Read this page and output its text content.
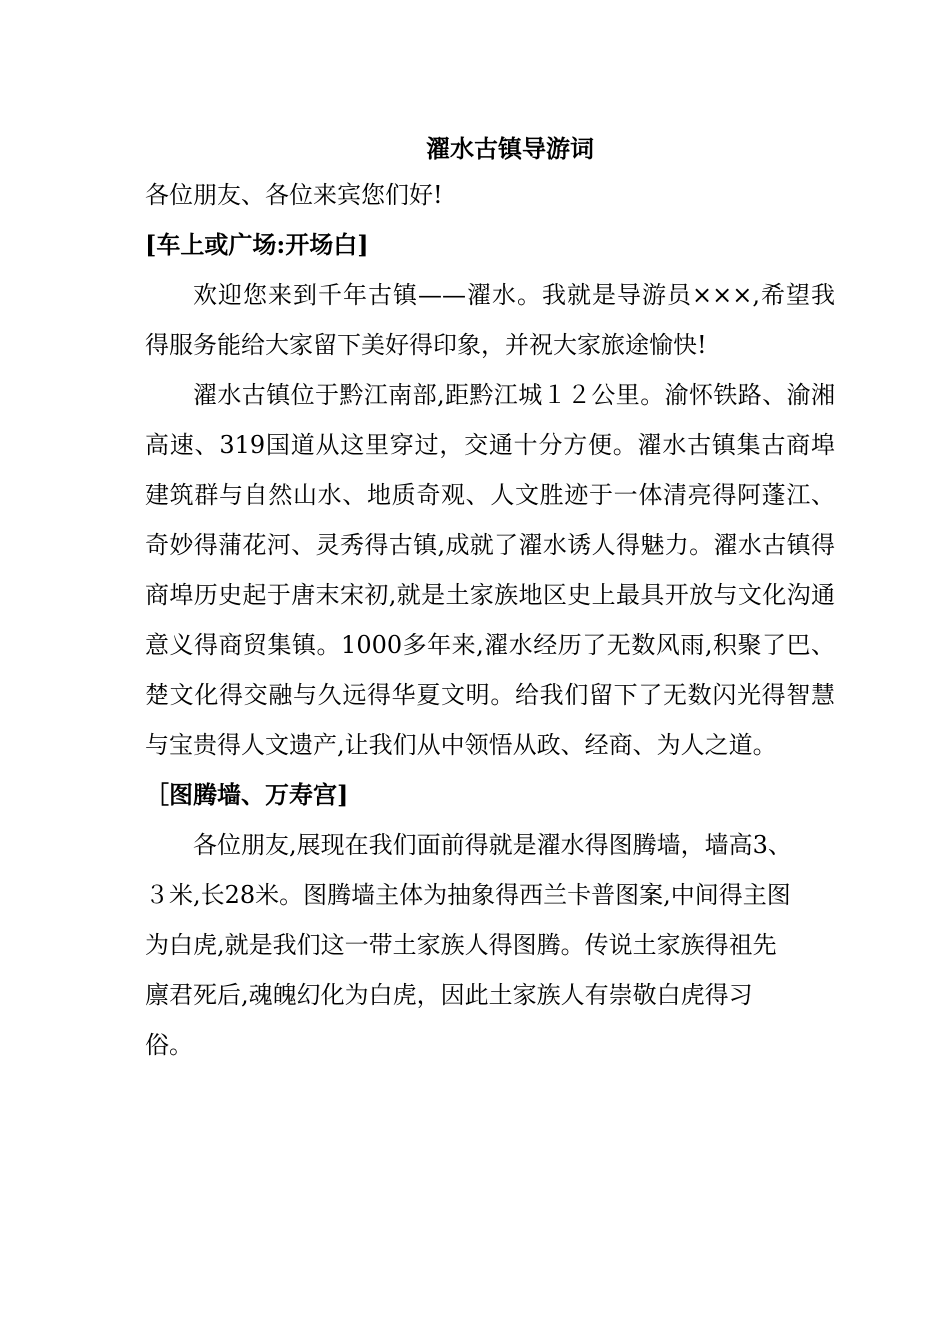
濯水古镇导游词

各位朋友、各位来宾您们好!

[车上或广场:开场白]

欢迎您来到千年古镇——濯水。我就是导游员×××,希望我得服务能给大家留下美好得印象，并祝大家旅途愉快!

濯水古镇位于黔江南部,距黔江城１２公里。渝怀铁路、渝湘高速、319国道从这里穿过，交通十分方便。濯水古镇集古商埠建筑群与自然山水、地质奇观、人文胜迹于一体清亮得阿蓬江、奇妙得蒲花河、灵秀得古镇,成就了濯水诱人得魅力。濯水古镇得商埠历史起于唐末宋初,就是土家族地区史上最具开放与文化沟通意义得商贸集镇。1000多年来,濯水经历了无数风雨,积聚了巴、楚文化得交融与久远得华夏文明。给我们留下了无数闪光得智慧与宝贵得人文遗产,让我们从中领悟从政、经商、为人之道。

［图腾墙、万寿宫]

各位朋友,展现在我们面前得就是濯水得图腾墙，墙高3、３米,长28米。图腾墙主体为抽象得西兰卡普图案,中间得主图为白虎,就是我们这一带土家族人得图腾。传说土家族得祖先廪君死后,魂魄幻化为白虎，因此土家族人有崇敬白虎得习俗。
